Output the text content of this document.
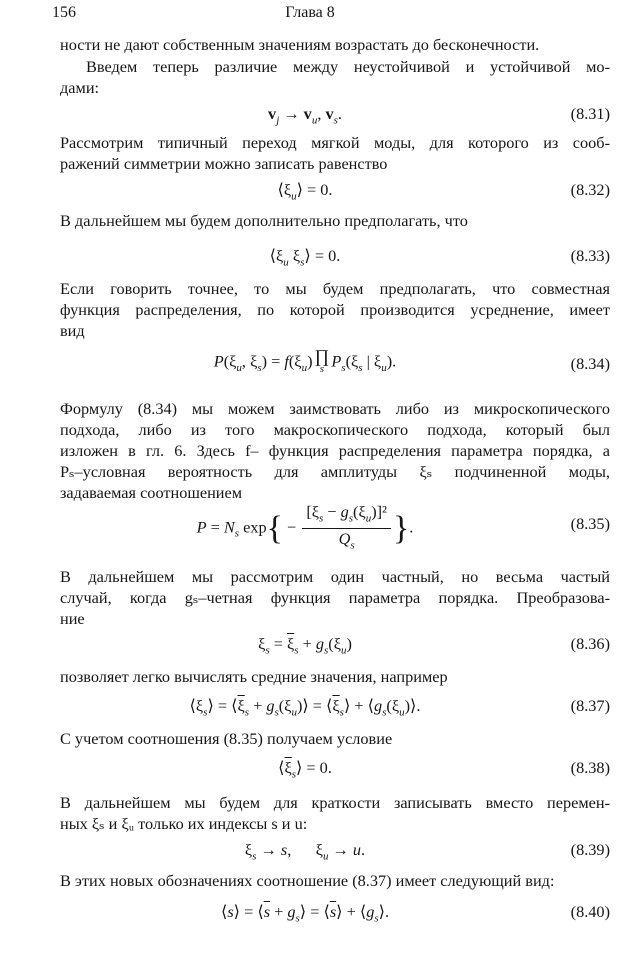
156	Глава 8
ности не дают собственным значениям возрастать до бесконечности.
Введем теперь различие между неустойчивой и устойчивой мо-
дами:
$v_j \to v_u$, $v_s$.	(8.31)
Рассмотрим типичный переход мягкой моды, для которого из сооб-
ражений симметрии можно записать равенство
$⟨\xi_u⟩ = 0$.	(8.32)
В дальнейшем мы будем дополнительно предполагать, что
$⟨\xi_u$ $\xi_s⟩ = 0$.	(8.33)
Если говорить точнее, то мы будем предполагать, что совместная
функция распределения, по которой производится усреднение, имеет
вид
$P(\xi_u$, $\xi_s) = f(\xi_u)$ ∏
s $P_s(\xi_s$ | $\xi_u$).	(8.34)
Формулу (8.34) мы можем заимствовать либо из микроскопического
подхода, либо из того макроскопического подхода, который был
изложен в гл. 6. Здесь f– функция распределения параметра порядка, а
Pₛ–условная вероятность для амплитуды ξₛ подчиненной моды,
задаваемая соотношением
$P = N_s$ $\exp\{ - \frac{[\xi_s - g_s(\xi_u)]^2}{Q_s}$ }.	(8.35)
В дальнейшем мы рассмотрим один частный, но весьма частый
случай, когда gₛ–четная функция параметра порядка. Преобразова-
ние
$\xi_s = \overline{\xi}_s + g_s(\xi_u)$	(8.36)
позволяет легко вычислять средние значения, например
$⟨\xi_s⟩$ = $⟨\overline{\xi}_s$ + $g_s(\xi_u)⟩$ = $⟨\overline{\xi}_s⟩$ + $⟨g_s(\xi_u)⟩$.	(8.37)
С учетом соотношения (8.35) получаем условие
$⟨\overline{\xi}_s⟩ = 0$.	(8.38)
В дальнейшем мы будем для краткости записывать вместо перемен-
ных ξₛ и ξᵤ только их индексы s и u:
$\xi_s \to s$,      $\xi_u \to u$.	(8.39)
В этих новых обозначениях соотношение (8.37) имеет следующий вид:
⟨s⟩ = $⟨\overline{s}$ + $g_s⟩$ = $⟨\overline{s}⟩$ + $⟨g_s⟩$.	(8.40)
